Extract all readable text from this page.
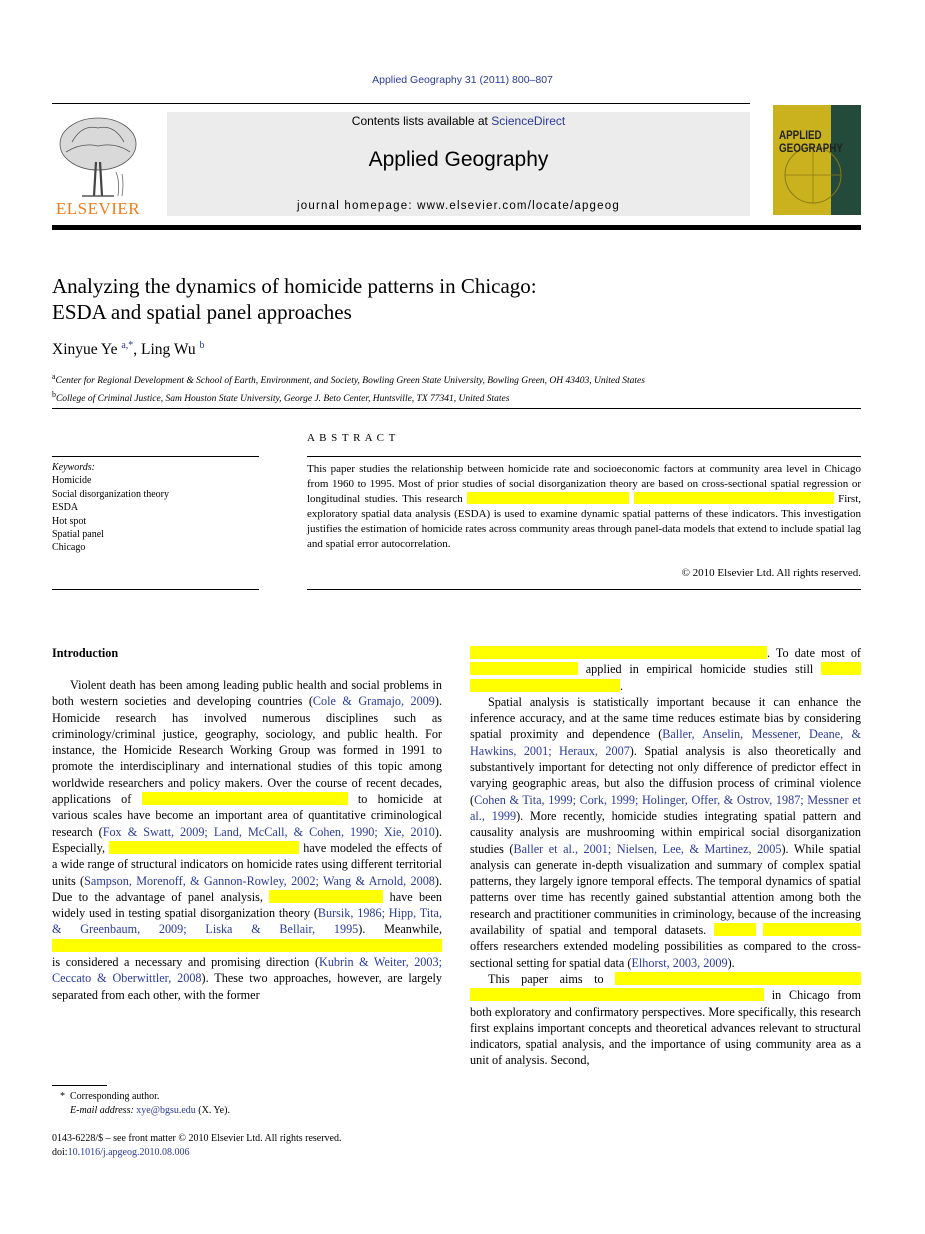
Applied Geography 31 (2011) 800–807
ELSEVIER
Contents lists available at ScienceDirect
Applied Geography
journal homepage: www.elsevier.com/locate/apgeog
APPLIED
GEOGRAPHY
Analyzing the dynamics of homicide patterns in Chicago:
ESDA and spatial panel approaches
Xinyue Ye $^{a,*}$, Ling Wu $^b$
$^a$Center for Regional Development & School of Earth, Environment, and Society, Bowling Green State University, Bowling Green, OH 43403, United States
$^b$College of Criminal Justice, Sam Houston State University, George J. Beto Center, Huntsville, TX 77341, United States
Keywords:
Homicide
Social disorganization theory
ESDA
Hot spot
Spatial panel
Chicago
A B S T R A C T
This paper studies the relationship between homicide rate and socioeconomic factors at community area level in Chicago from 1960 to 1995. Most of prior studies of social disorganization theory are based on cross-sectional spatial regression or longitudinal studies. This research	First, exploratory spatial data analysis (ESDA) is used to examine dynamic spatial patterns of these indicators. This investigation justifies the estimation of homicide rates across community areas through panel-data models that extend to include spatial lag and spatial error autocorrelation.
© 2010 Elsevier Ltd. All rights reserved.
Introduction

Violent death has been among leading public health and social problems in both western societies and developing countries (Cole & Gramajo, 2009). Homicide research has involved numerous disciplines such as criminology/criminal justice, geography, sociology, and public health. For instance, the Homicide Research Working Group was formed in 1991 to promote the interdisciplinary and international studies of this topic among worldwide researchers and policy makers. Over the course of recent decades, applications of	to homicide at various scales have become an important area of quantitative criminological research (Fox & Swatt, 2009; Land, McCall, & Cohen, 1990; Xie, 2010). Especially,	have modeled the effects of a wide range of structural indicators on homicide rates using different territorial units (Sampson, Morenoff, & Gannon-Rowley, 2002; Wang & Arnold, 2008). Due to the advantage of panel analysis,	have been widely used in testing spatial disorganization theory (Bursik, 1986; Hipp, Tita, & Greenbaum, 2009; Liska & Bellair, 1995). Meanwhile,  is considered a necessary and promising direction (Kubrin & Weiter, 2003; Ceccato & Oberwittler, 2008). These two approaches, however, are largely separated from each other, with the former

* Corresponding author.
E-mail address: xye@bgsu.edu (X. Ye).
0143-6228/$ – see front matter © 2010 Elsevier Ltd. All rights reserved.
doi:10.1016/j.apgeog.2010.08.006

. To date most of  applied in empirical homicide studies still  .

Spatial analysis is statistically important because it can enhance the inference accuracy, and at the same time reduces estimate bias by considering spatial proximity and dependence (Baller, Anselin, Messener, Deane, & Hawkins, 2001; Heraux, 2007). Spatial analysis is also theoretically and substantively important for detecting not only difference of predictor effect in varying geographic areas, but also the diffusion process of criminal violence (Cohen & Tita, 1999; Cork, 1999; Holinger, Offer, & Ostrov, 1987; Messner et al., 1999). More recently, homicide studies integrating spatial pattern and causality analysis are mushrooming within empirical social disorganization studies (Baller et al., 2001; Nielsen, Lee, & Martinez, 2005). While spatial analysis can generate in-depth visualization and summary of complex spatial patterns, they largely ignore temporal effects. The temporal dynamics of spatial patterns over time has recently gained substantial attention among both the research and practitioner communities in criminology, because of the increasing availability of spatial and temporal datasets.   offers researchers extended modeling possibilities as compared to the cross-sectional setting for spatial data (Elhorst, 2003, 2009).

This paper aims to   in Chicago from both exploratory and confirmatory perspectives. More specifically, this research first explains important concepts and theoretical advances relevant to structural indicators, spatial analysis, and the importance of using community area as a unit of analysis. Second,
